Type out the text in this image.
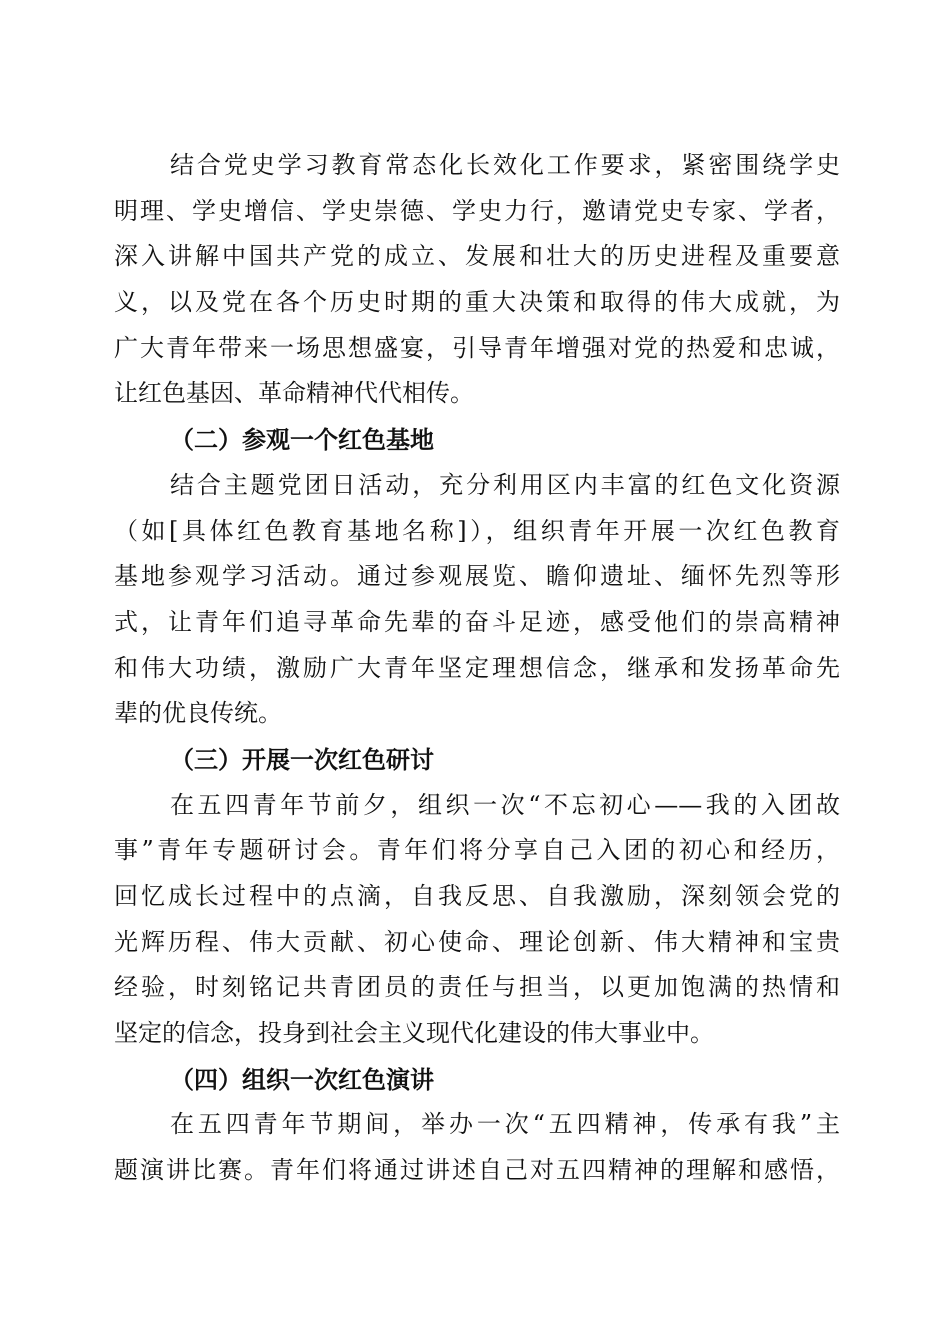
结合党史学习教育常态化长效化工作要求，紧密围绕学史
明理、学史增信、学史崇德、学史力行，邀请党史专家、学者，
深入讲解中国共产党的成立、发展和壮大的历史进程及重要意
义，以及党在各个历史时期的重大决策和取得的伟大成就，为
广大青年带来一场思想盛宴，引导青年增强对党的热爱和忠诚，
让红色基因、革命精神代代相传。
（二）参观一个红色基地
结合主题党团日活动，充分利用区内丰富的红色文化资源
（如[具体红色教育基地名称]），组织青年开展一次红色教育
基地参观学习活动。通过参观展览、瞻仰遗址、缅怀先烈等形
式，让青年们追寻革命先辈的奋斗足迹，感受他们的崇高精神
和伟大功绩，激励广大青年坚定理想信念，继承和发扬革命先
辈的优良传统。
（三）开展一次红色研讨
在五四青年节前夕，组织一次“不忘初心——我的入团故
事”青年专题研讨会。青年们将分享自己入团的初心和经历，
回忆成长过程中的点滴，自我反思、自我激励，深刻领会党的
光辉历程、伟大贡献、初心使命、理论创新、伟大精神和宝贵
经验，时刻铭记共青团员的责任与担当，以更加饱满的热情和
坚定的信念，投身到社会主义现代化建设的伟大事业中。
（四）组织一次红色演讲
在五四青年节期间，举办一次“五四精神，传承有我”主
题演讲比赛。青年们将通过讲述自己对五四精神的理解和感悟，
